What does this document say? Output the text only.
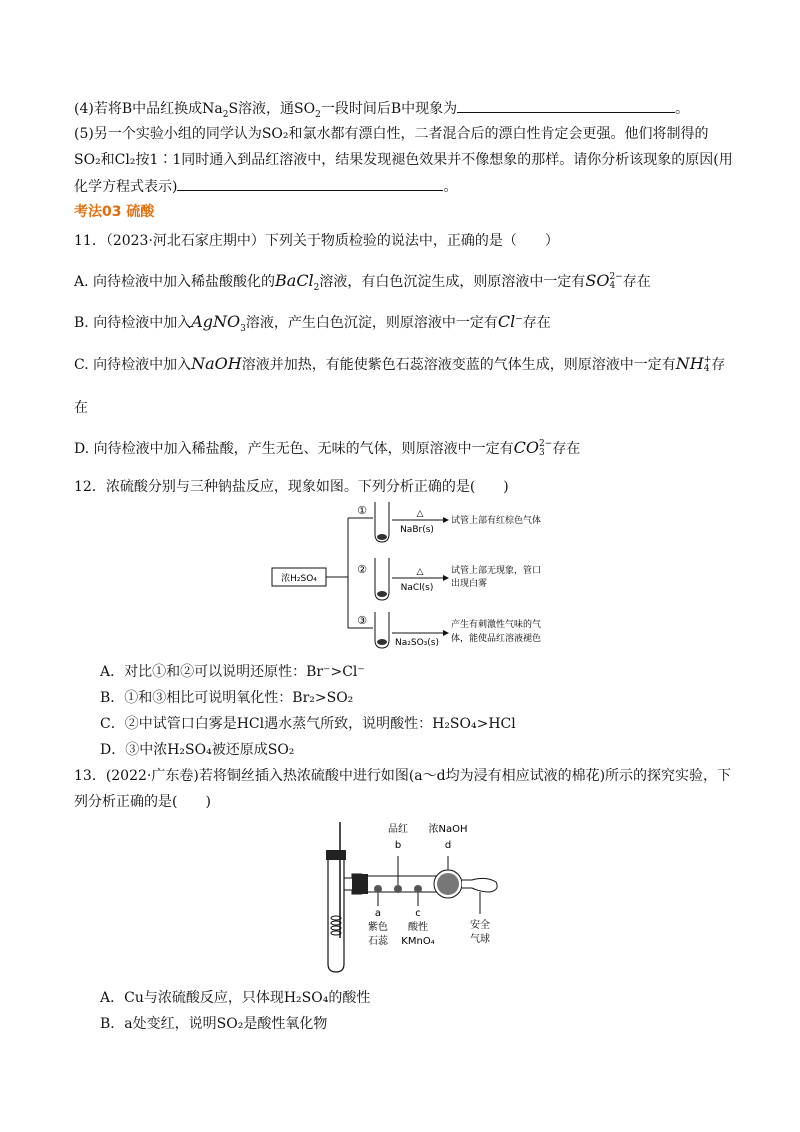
(4)若将B中品红换成$Na_2S$溶液，通$SO_2$一段时间后B中现象为	。
(5)另一个实验小组的同学认为SO₂和氯水都有漂白性，二者混合后的漂白性肯定会更强。他们将制得的
SO₂和Cl₂按1∶1同时通入到品红溶液中，结果发现褪色效果并不像想象的那样。请你分析该现象的原因(用
化学方程式表示)	。
考法03 硫酸
11．（2023·河北石家庄期中）下列关于物质检验的说法中，正确的是（　　）
A. 向待检液中加入稀盐酸酸化的BaCl$_2$溶液，有白色沉淀生成，则原溶液中一定有SO 2−
4 存在
B. 向待检液中加入AgNO$_3$溶液，产生白色沉淀，则原溶液中一定有Cl−存在
C. 向待检液中加入NaOH溶液并加热，有能使紫色石蕊溶液变蓝的气体生成，则原溶液中一定有NH +
4 存
在
D. 向待检液中加入稀盐酸，产生无色、无味的气体，则原溶液中一定有CO 2−
3 存在
12．浓硫酸分别与三种钠盐反应，现象如图。下列分析正确的是(　　)
浓H₂SO₄
①
②
③
△
△
NaBr(s)
NaCl(s)
Na₂SO₃(s)
试管上部有红棕色气体
试管上部无现象，管口
出现白雾
产生有刺激性气味的气
体，能使品红溶液褪色
A．对比①和②可以说明还原性：Br⁻>Cl⁻
B．①和③相比可说明氧化性：Br₂>SO₂
C．②中试管口白雾是HCl遇水蒸气所致，说明酸性：H₂SO₄>HCl
D．③中浓H₂SO₄被还原成SO₂
13．(2022·广东卷)若将铜丝插入热浓硫酸中进行如图(a～d均为浸有相应试液的棉花)所示的探究实验，下
列分析正确的是(　　)
品红
b
浓NaOH
d
a	c
紫色
石蕊
酸性
KMnO₄
安全
气球
A．Cu与浓硫酸反应，只体现H₂SO₄的酸性
B．a处变红，说明SO₂是酸性氧化物
